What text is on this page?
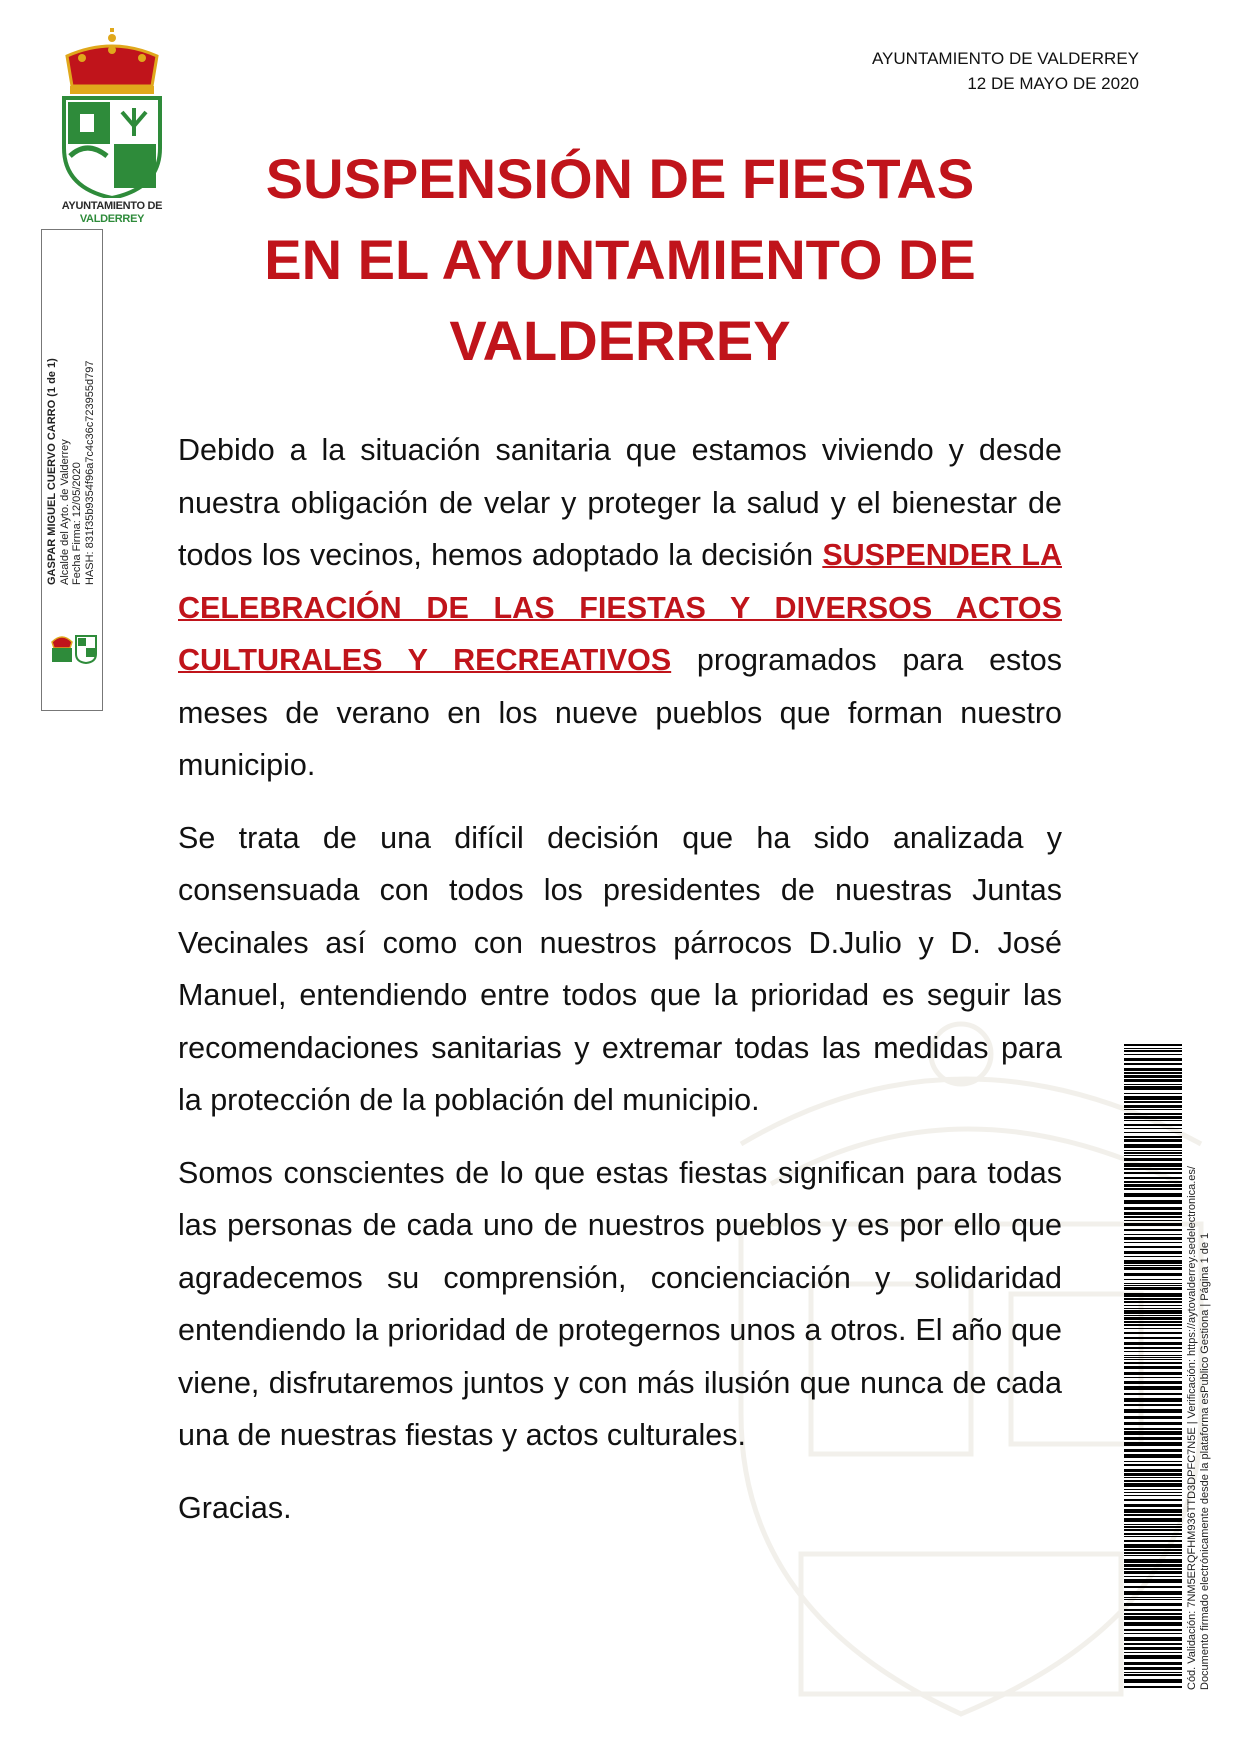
AYUNTAMIENTO DE
VALDERREY
GASPAR MIGUEL CUERVO CARRO (1 de 1) Alcalde del Ayto. de Valderrey Fecha Firma: 12/05/2020 HASH: 831f35b9354f96a7c4c36c723955d797
AYUNTAMIENTO DE VALDERREY
12 DE MAYO DE 2020
SUSPENSIÓN DE FIESTAS
EN EL AYUNTAMIENTO DE
VALDERREY

Debido a la situación sanitaria que estamos viviendo y desde nuestra obligación de velar y proteger la salud y el bienestar de todos los vecinos, hemos adoptado la decisión SUSPENDER LA CELEBRACIÓN DE LAS FIESTAS Y DIVERSOS ACTOS CULTURALES Y RECREATIVOS programados para estos meses de verano en los nueve pueblos que forman nuestro municipio.

Se trata de una difícil decisión que ha sido analizada y consensuada con todos los presidentes de nuestras Juntas Vecinales así como con nuestros párrocos D.Julio y D. José Manuel, entendiendo entre todos que la prioridad es seguir las recomendaciones sanitarias y extremar todas las medidas para la protección de la población del municipio.

Somos conscientes de lo que estas fiestas significan para todas las personas de cada uno de nuestros pueblos y es por ello que agradecemos su comprensión, concienciación y solidaridad entendiendo la prioridad de protegernos unos a otros. El año que viene, disfrutaremos juntos y con más ilusión que nunca de cada una de nuestras fiestas y actos culturales.

Gracias.	Cód. Validación: 7NM5ERQFHM936TTD3DPFC7N5E | Verificación: https://aytovalderrey.sedelectronica.es/ Documento firmado electrónicamente desde la plataforma esPublico Gestiona | Página 1 de 1
